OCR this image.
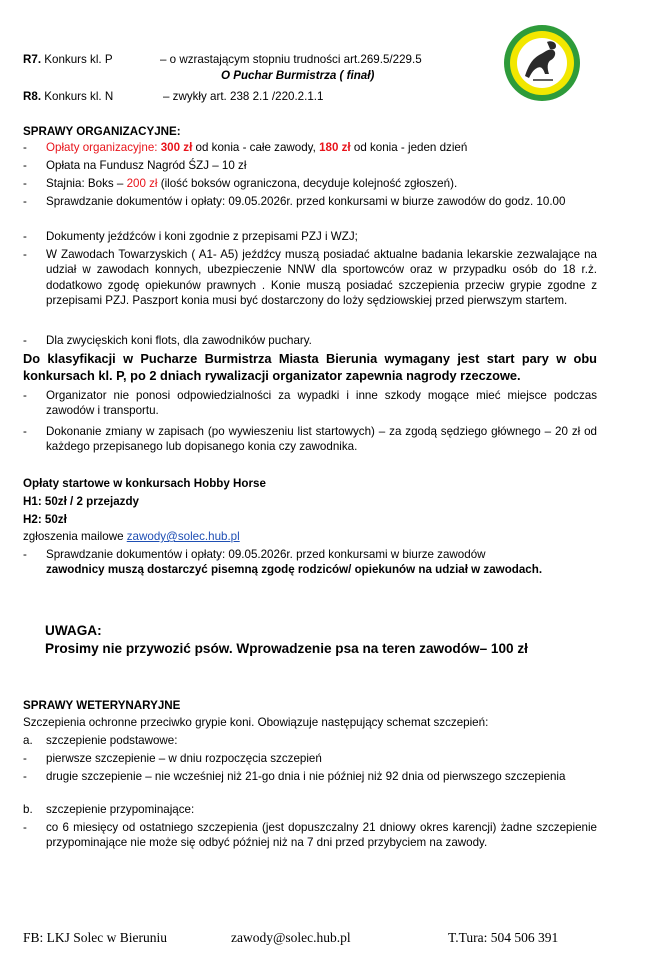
R7. Konkurs kl. P	– o wzrastającym stopniu trudności art.269.5/229.5
O Puchar Burmistrza ( finał)
R8. Konkurs kl. N	– zwykły art. 238 2.1 /220.2.1.1
SPRAWY ORGANIZACYJNE:
- Opłaty organizacyjne: 300 zł od konia - całe zawody, 180 zł od konia - jeden dzień
- Opłata na Fundusz Nagród ŚZJ – 10 zł
- Stajnia: Boks – 200 zł (ilość boksów ograniczona, decyduje kolejność zgłoszeń).
- Sprawdzanie dokumentów i opłaty: 09.05.2026r. przed konkursami w biurze zawodów do godz. 10.00
- Dokumenty jeźdźców i koni zgodnie z przepisami PZJ i WZJ;
- W Zawodach Towarzyskich ( A1- A5) jeźdźcy muszą posiadać aktualne badania lekarskie zezwalające na udział w zawodach konnych, ubezpieczenie NNW dla sportowców oraz w przypadku osób do 18 r.ż. dodatkowo zgodę opiekunów prawnych . Konie muszą posiadać szczepienia przeciw grypie zgodne z przepisami PZJ. Paszport konia musi być dostarczony do loży sędziowskiej przed pierwszym startem.
- Dla zwycięskich koni flots, dla zawodników puchary.
Do klasyfikacji w Pucharze Burmistrza Miasta Bierunia wymagany jest start pary w obu konkursach kl. P, po 2 dniach rywalizacji organizator zapewnia nagrody rzeczowe.
- Organizator nie ponosi odpowiedzialności za wypadki i inne szkody mogące mieć miejsce podczas zawodów i transportu.
- Dokonanie zmiany w zapisach (po wywieszeniu list startowych) – za zgodą sędziego głównego – 20 zł od każdego przepisanego lub dopisanego konia czy zawodnika.
Opłaty startowe w konkursach Hobby Horse
H1: 50zł / 2 przejazdy
H2: 50zł
zgłoszenia mailowe zawody@solec.hub.pl
- Sprawdzanie dokumentów i opłaty: 09.05.2026r. przed konkursami w biurze zawodów
zawodnicy muszą dostarczyć pisemną zgodę rodziców/ opiekunów na udział w zawodach.
UWAGA:
Prosimy nie przywozić psów. Wprowadzenie psa na teren zawodów– 100 zł
SPRAWY WETERYNARYJNE
Szczepienia ochronne przeciwko grypie koni. Obowiązuje następujący schemat szczepień:
a. szczepienie podstawowe:
- pierwsze szczepienie – w dniu rozpoczęcia szczepień
- drugie szczepienie – nie wcześniej niż 21-go dnia i nie później niż 92 dnia od pierwszego szczepienia
b. szczepienie przypominające:
- co 6 miesięcy od ostatniego szczepienia (jest dopuszczalny 21 dniowy okres karencji) żadne szczepienie przypominające nie może się odbyć później niż na 7 dni przed przybyciem na zawody.
FB: LKJ Solec w Bieruniu	zawody@solec.hub.pl	T.Tura: 504 506 391
